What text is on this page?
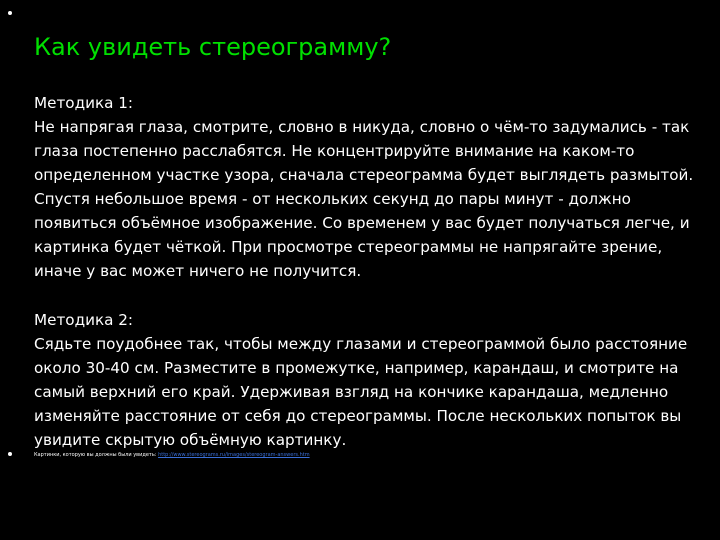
Как увидеть стереограмму?
Методика 1:
Не напрягая глаза, смотрите, словно в никуда, словно о чём-то задумались - так глаза постепенно расслабятся. Не концентрируйте внимание на каком-то определенном участке узора, сначала стереограмма будет выглядеть размытой. Спустя небольшое время - от нескольких секунд до пары минут - должно появиться объёмное изображение. Со временем у вас будет получаться легче, и картинка будет чёткой. При просмотре стереограммы не напрягайте зрение, иначе у вас может ничего не получится.
Методика 2:
Сядьте поудобнее так, чтобы между глазами и стереограммой было расстояние около 30-40 см. Разместите в промежутке, например, карандаш, и смотрите на самый верхний его край. Удерживая взгляд на кончике карандаша, медленно изменяйте расстояние от себя до стереограммы. После нескольких попыток вы увидите скрытую объёмную картинку.
Картинки, которую вы должны были увидеть: http://www.stereograms.ru/images/stereogram-answers.htm
